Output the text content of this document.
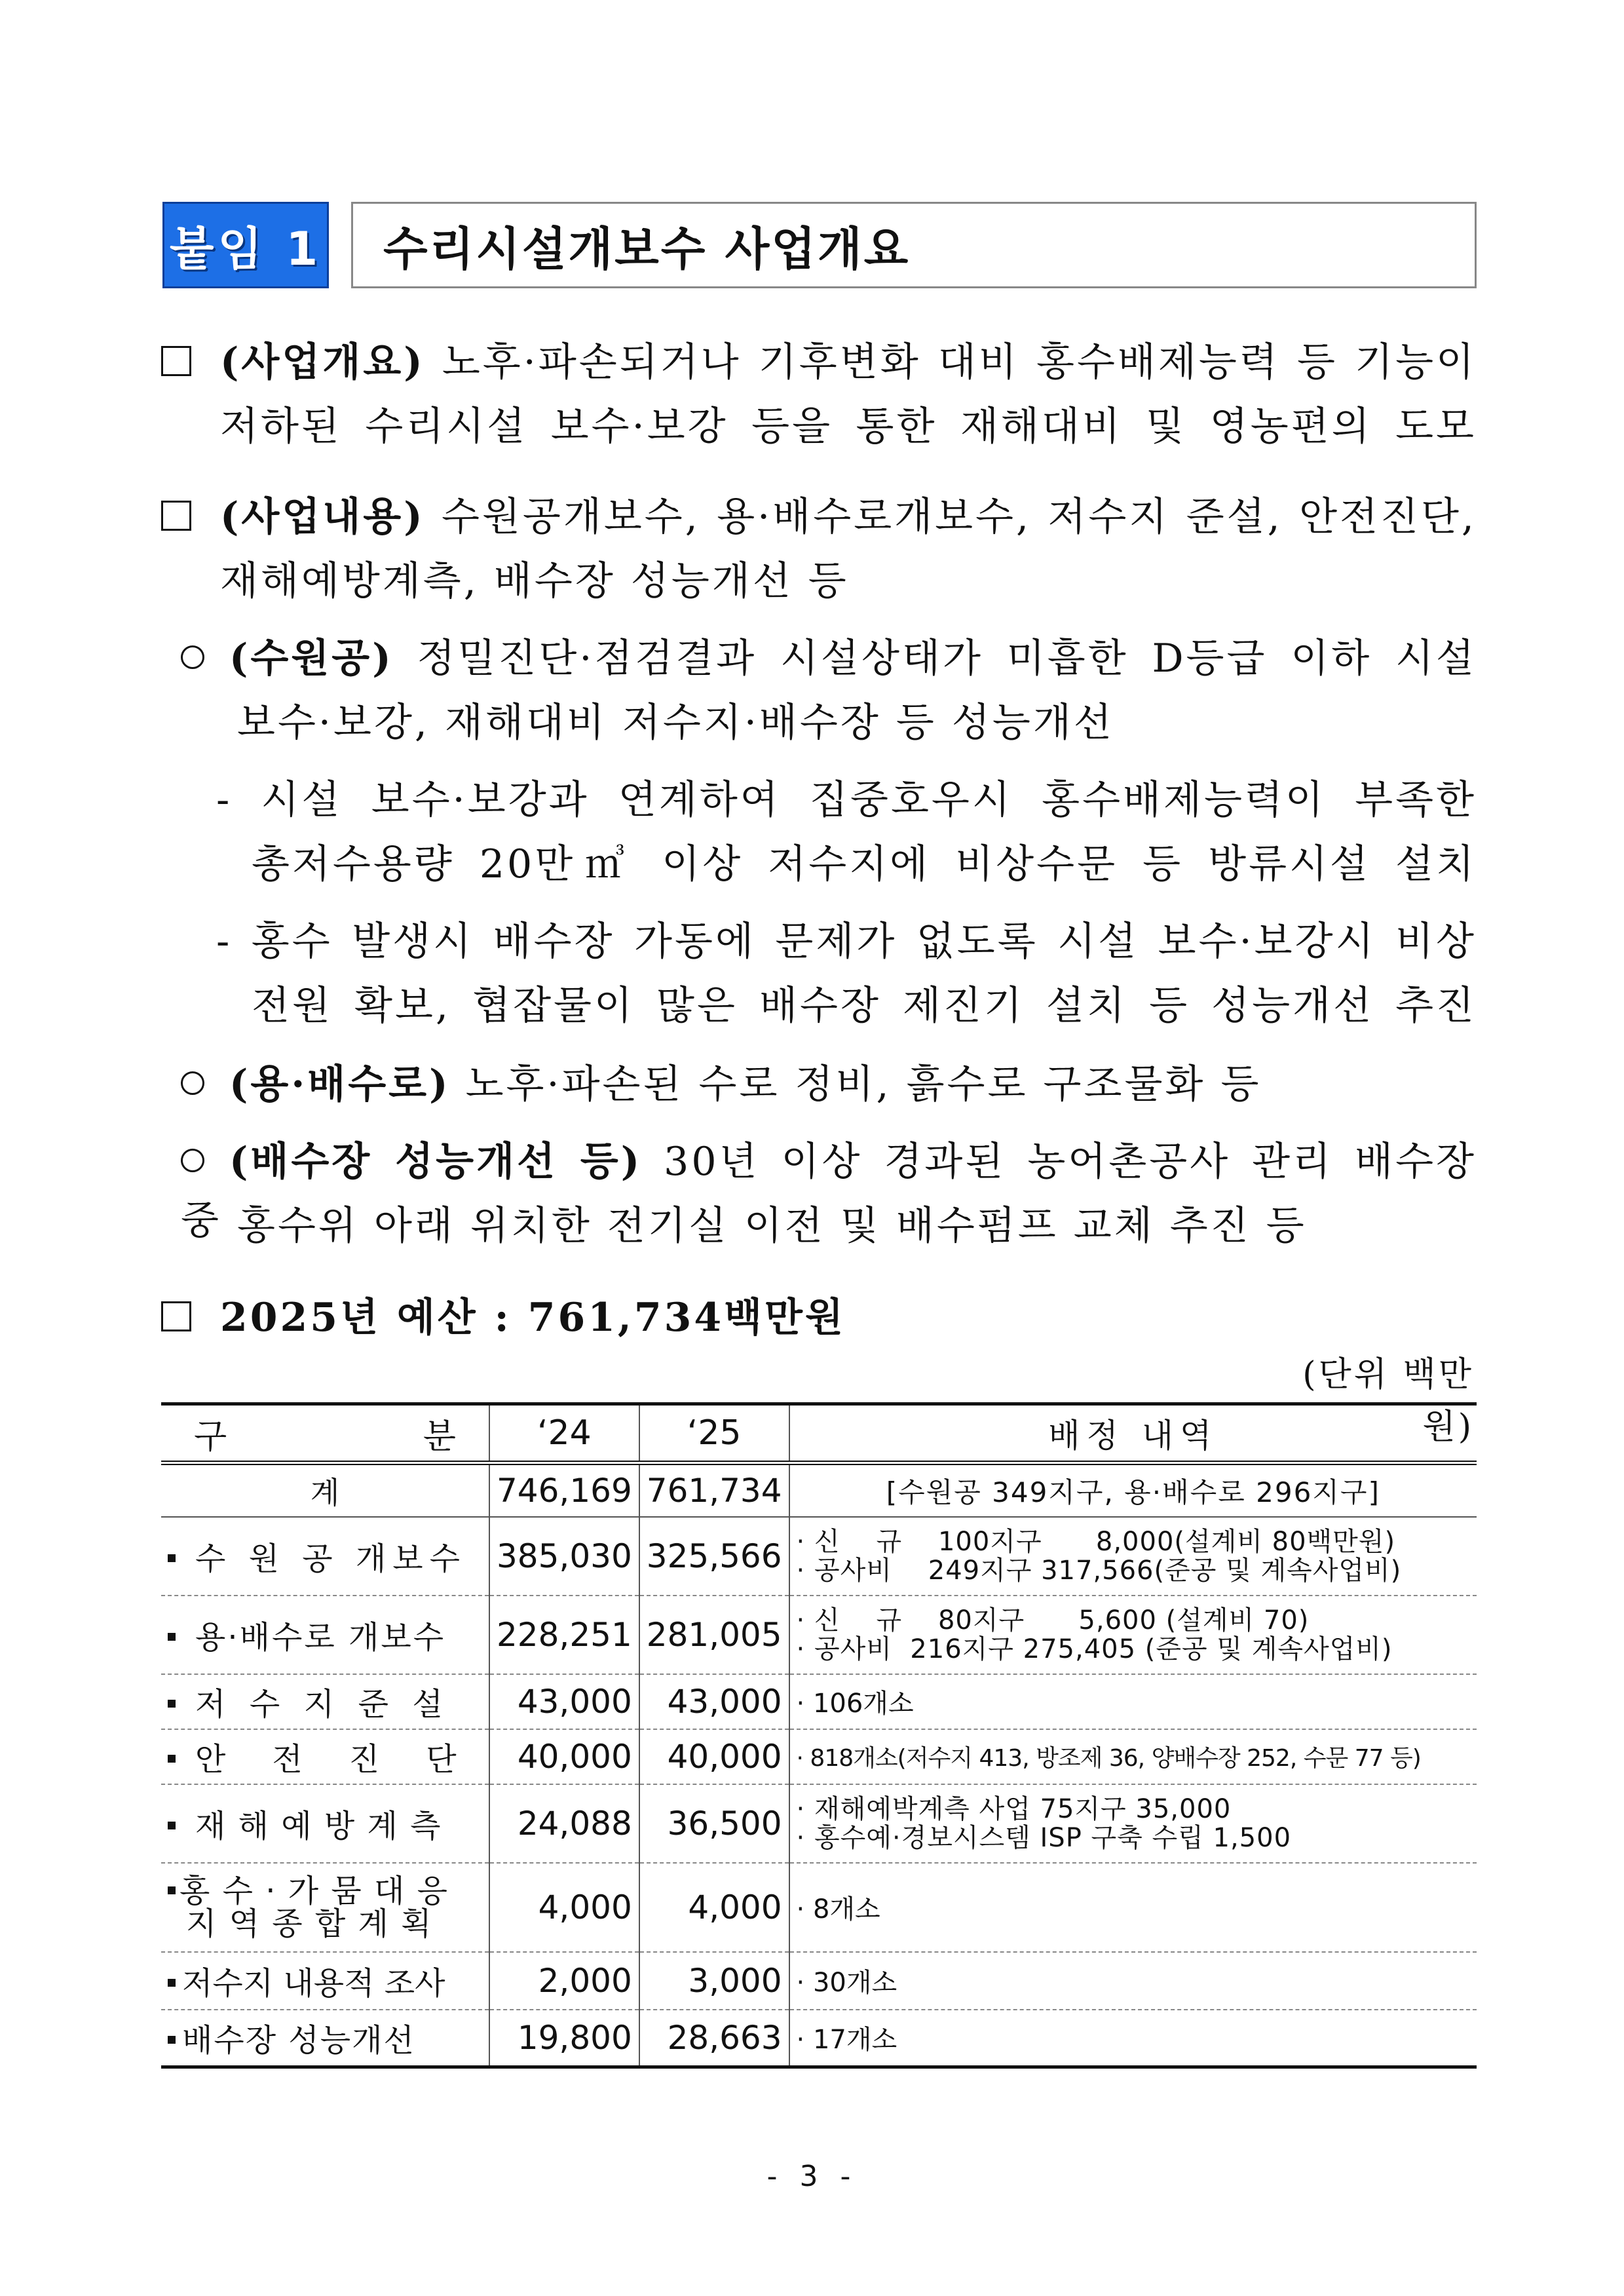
붙임 1 수리시설개보수 사업개요
(사업개요) 노후·파손되거나 기후변화 대비 홍수배제능력 등 기능이
저하된 수리시설 보수·보강 등을 통한 재해대비 및 영농편의 도모
(사업내용) 수원공개보수, 용·배수로개보수, 저수지 준설, 안전진단,
재해예방계측, 배수장 성능개선 등
(수원공) 정밀진단·점검결과 시설상태가 미흡한 D등급 이하 시설
보수·보강, 재해대비 저수지·배수장 등 성능개선
- 시설 보수·보강과 연계하여 집중호우시 홍수배제능력이 부족한
총저수용량 20만㎥ 이상 저수지에 비상수문 등 방류시설 설치
- 홍수 발생시 배수장 가동에 문제가 없도록 시설 보수·보강시 비상
전원 확보, 협잡물이 많은 배수장 제진기 설치 등 성능개선 추진
(용·배수로) 노후·파손된 수로 정비, 흙수로 구조물화 등
(배수장 성능개선 등) 30년 이상 경과된 농어촌공사 관리 배수장 중 홍수위 아래 위치한 전기실 이전 및 배수펌프 교체 추진 등
2025년 예산 : 761,734백만원
(단위 백만원)
구 분	‘24	‘25	배정 내역
계	746,169	761,734	[수원공 349지구, 용·배수로 296지구]
수 원 공 개보수	385,030	325,566	· 신    규    100지구      8,000(설계비 80백만원)
· 공사비    249지구 317,566(준공 및 계속사업비)

용·배수로 개보수	228,251	281,005	· 신    규    80지구      5,600 (설계비 70)
· 공사비  216지구 275,405 (준공 및 계속사업비)

저  수  지  준  설	43,000	43,000	· 106개소
안    전    진    단	40,000	40,000	· 818개소(저수지 413, 방조제 36, 양배수장 252, 수문 77 등)
재 해 예 방 계 측	24,088	36,500	· 재해예박계측 사업 75지구 35,000
· 홍수예·경보시스템 ISP 구축 수립 1,500

홍 수 · 가 뭄 대 응
지 역 종 합 계 획	4,000	4,000	· 8개소
저수지 내용적 조사	2,000	3,000	· 30개소
배수장 성능개선	19,800	28,663	· 17개소
- 3 -
